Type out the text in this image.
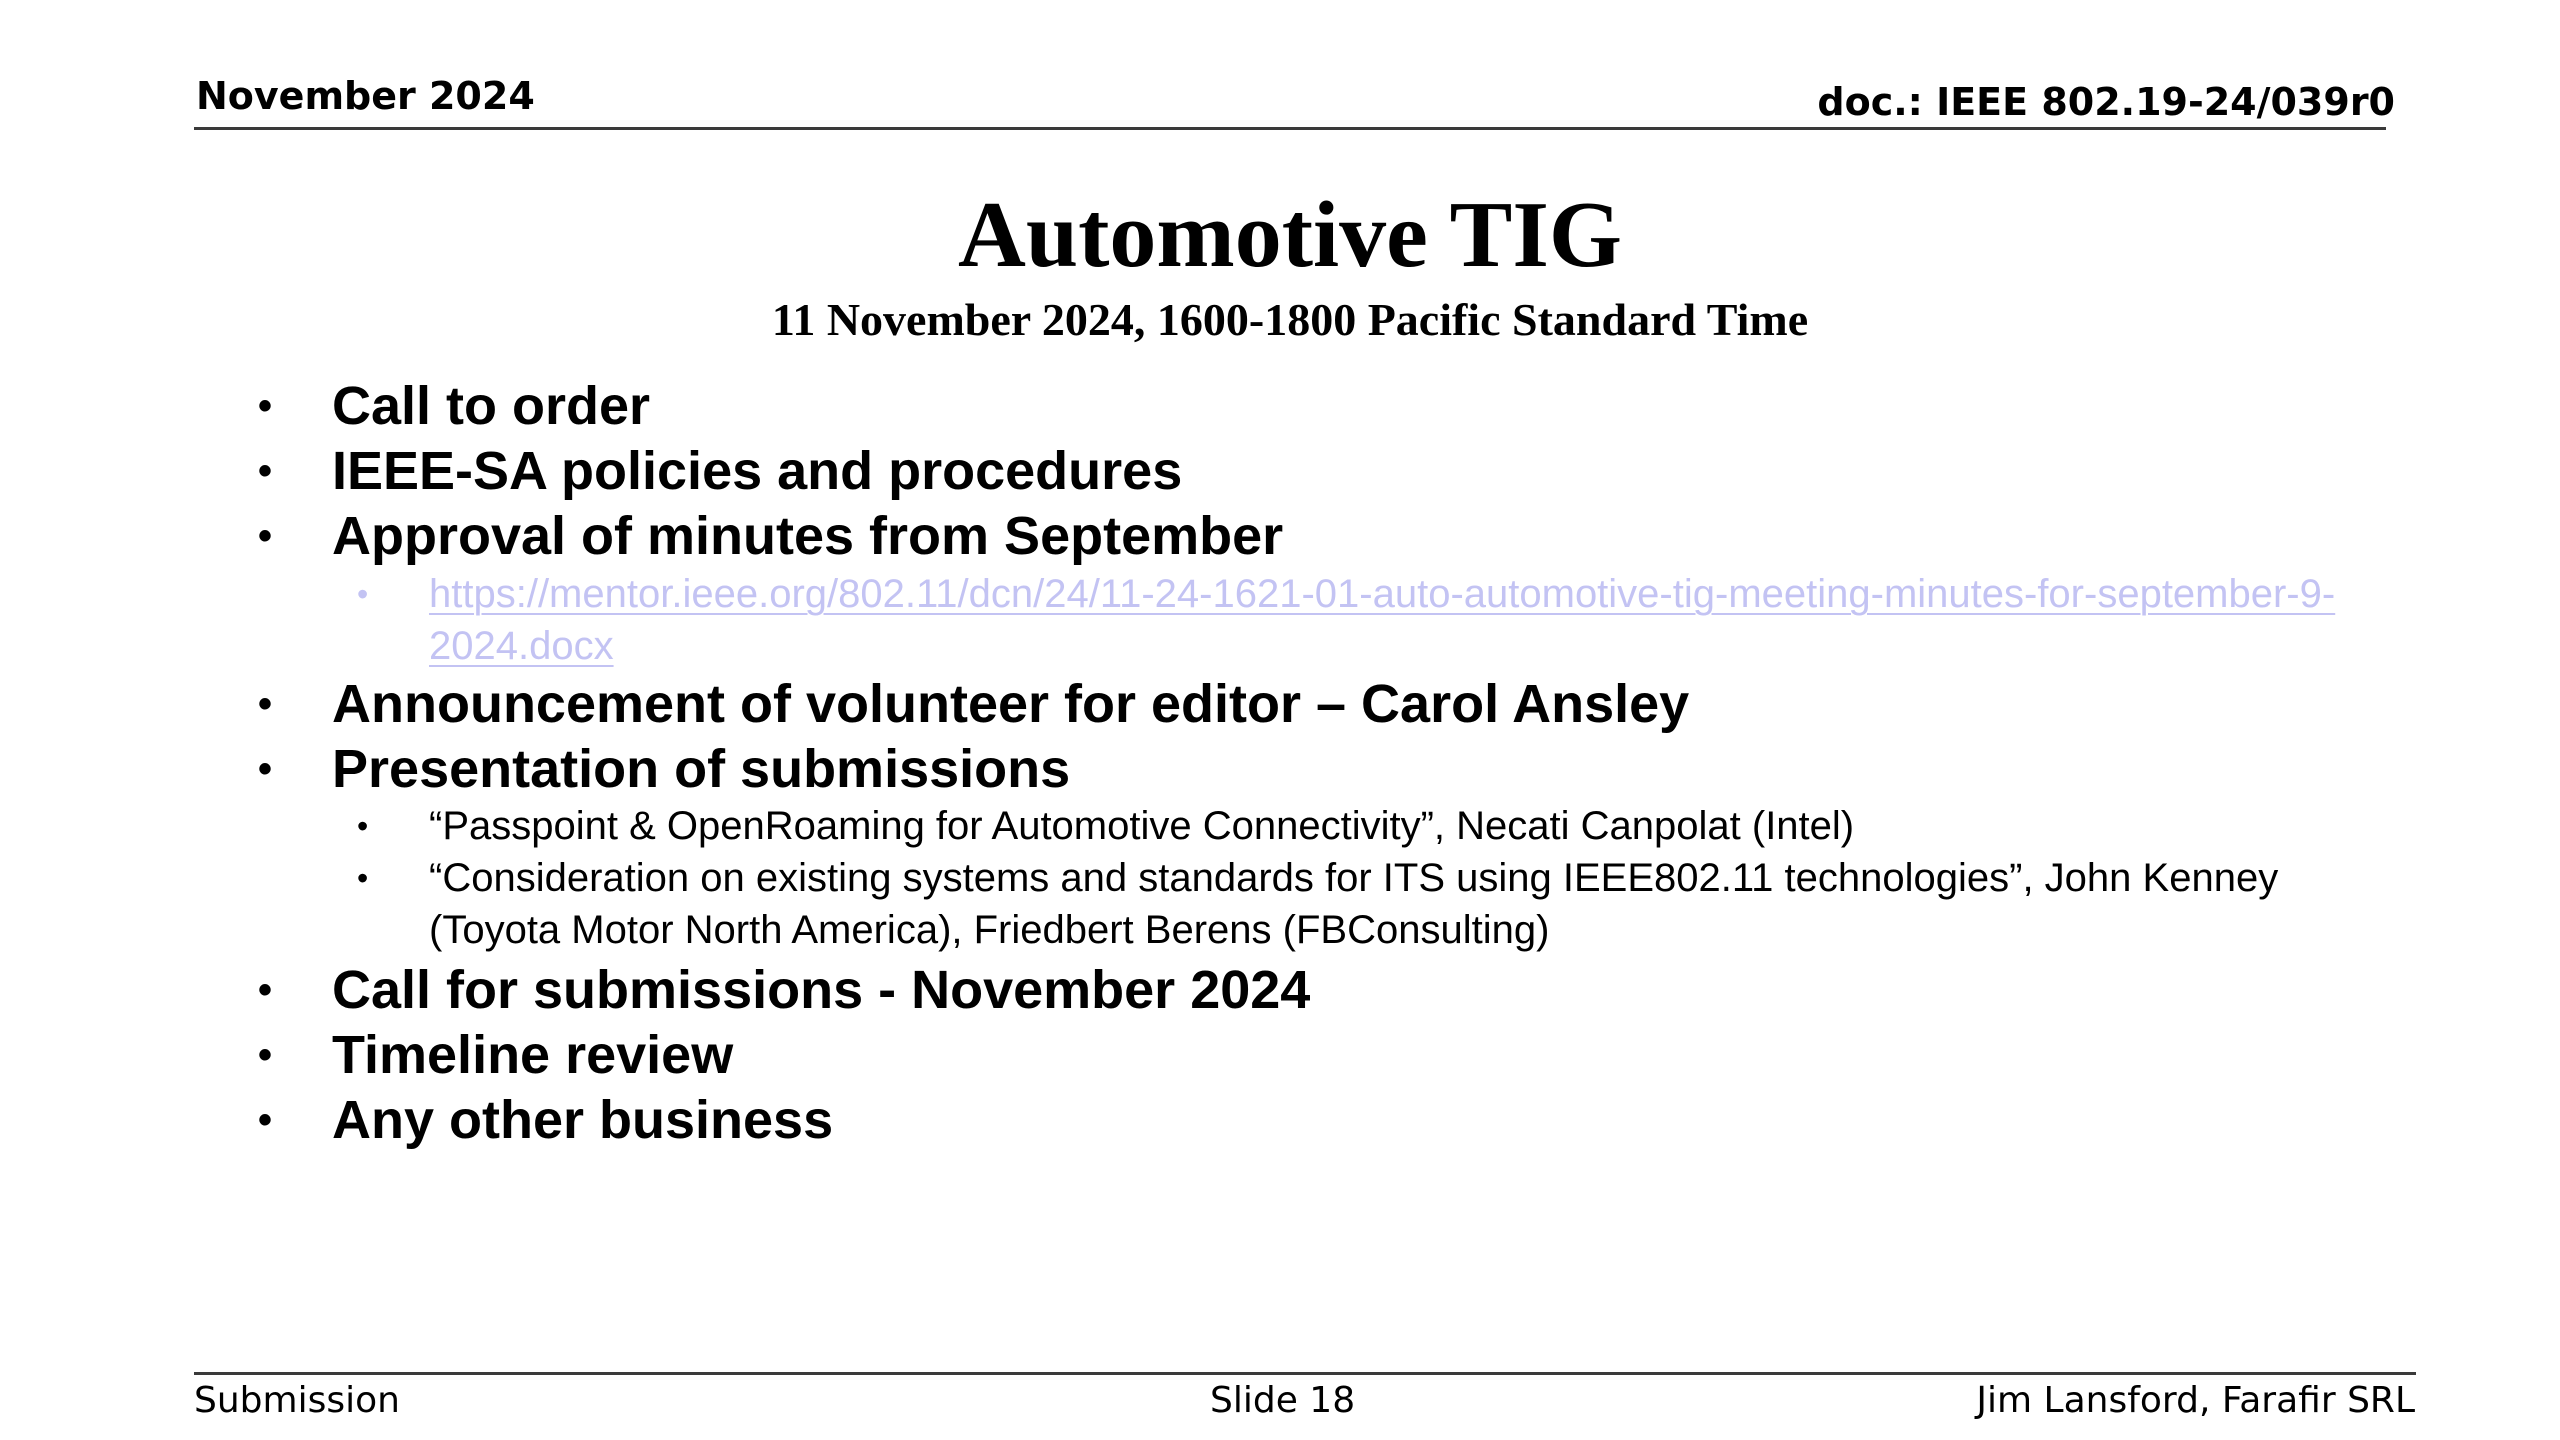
November 2024	doc.: IEEE 802.19-24/039r0
Automotive TIG
11 November 2024, 1600-1800 Pacific Standard Time
• Call to order
• IEEE-SA policies and procedures
• Approval of minutes from September
• https://mentor.ieee.org/802.11/dcn/24/11-24-1621-01-auto-automotive-tig-meeting-minutes-for-september-9-2024.docx
• Announcement of volunteer for editor – Carol Ansley
• Presentation of submissions
• “Passpoint & OpenRoaming for Automotive Connectivity”, Necati Canpolat (Intel)
• “Consideration on existing systems and standards for ITS using IEEE802.11 technologies”, John Kenney (Toyota Motor North America), Friedbert Berens (FBConsulting)
• Call for submissions - November 2024
• Timeline review
• Any other business
Submission	Slide 18	Jim Lansford, Farafir SRL
